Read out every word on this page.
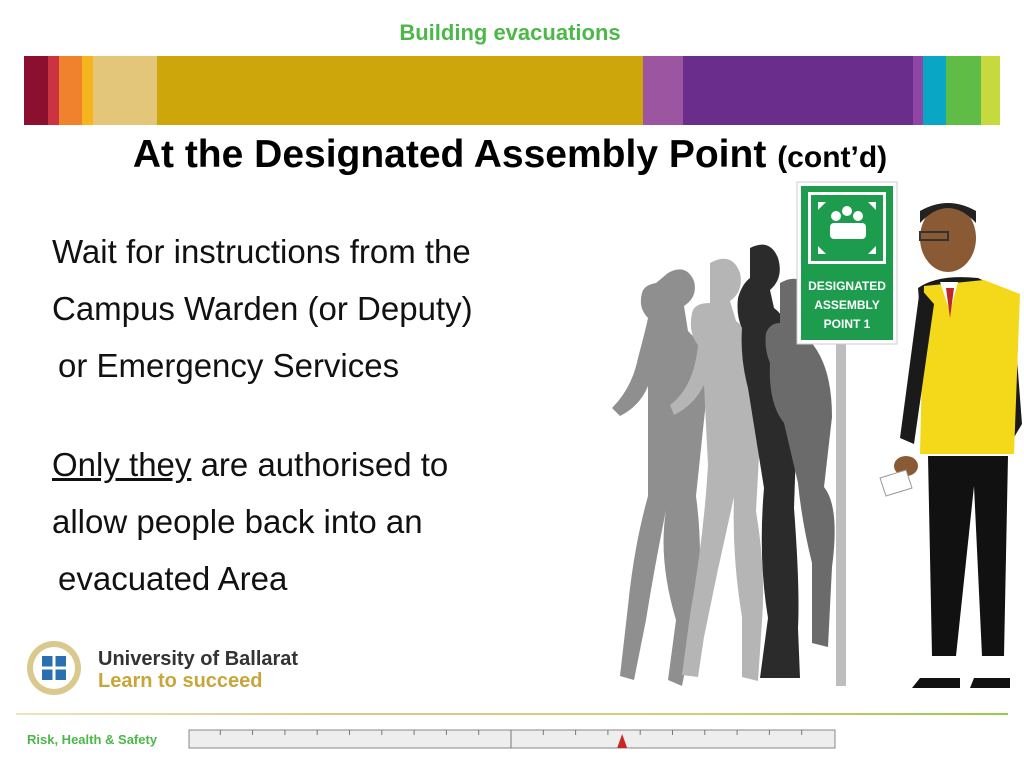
Building evacuations
At the Designated Assembly Point (cont’d)
Wait for instructions from the
Campus Warden (or Deputy)
or Emergency Services
Only they are authorised to
allow people back into an
evacuated Area
DESIGNATED
ASSEMBLY
POINT 1
University of Ballarat
Learn to succeed
Risk, Health & Safety
